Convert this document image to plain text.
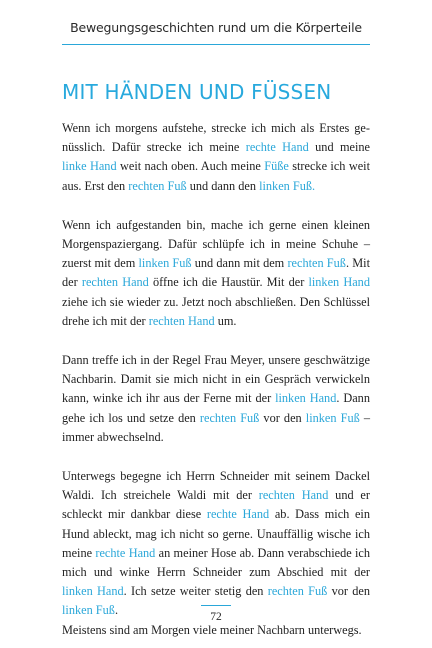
Bewegungsgeschichten rund um die Körperteile
MIT HÄNDEN UND FÜSSEN

Wenn ich morgens aufstehe, strecke ich mich als Erstes genüsslich. Dafür strecke ich meine rechte Hand und meine linke Hand weit nach oben. Auch meine Füße strecke ich weit aus. Erst den rechten Fuß und dann den linken Fuß.

Wenn ich aufgestanden bin, mache ich gerne einen kleinen Morgenspaziergang. Dafür schlüpfe ich in meine Schuhe – zuerst mit dem linken Fuß und dann mit dem rechten Fuß. Mit der rechten Hand öffne ich die Haustür. Mit der linken Hand ziehe ich sie wieder zu. Jetzt noch abschließen. Den Schlüssel drehe ich mit der rechten Hand um.

Dann treffe ich in der Regel Frau Meyer, unsere geschwätzige Nachbarin. Damit sie mich nicht in ein Gespräch verwickeln kann, winke ich ihr aus der Ferne mit der linken Hand. Dann gehe ich los und setze den rechten Fuß vor den linken Fuß – immer abwechselnd.

Unterwegs begegne ich Herrn Schneider mit seinem Dackel Waldi. Ich streichele Waldi mit der rechten Hand und er schleckt mir dankbar diese rechte Hand ab. Dass mich ein Hund ableckt, mag ich nicht so gerne. Unauffällig wische ich meine rechte Hand an meiner Hose ab. Dann verabschiede ich mich und winke Herrn Schneider zum Abschied mit der linken Hand. Ich setze weiter stetig den rechten Fuß vor den linken Fuß.

Meistens sind am Morgen viele meiner Nachbarn unterwegs.

72
